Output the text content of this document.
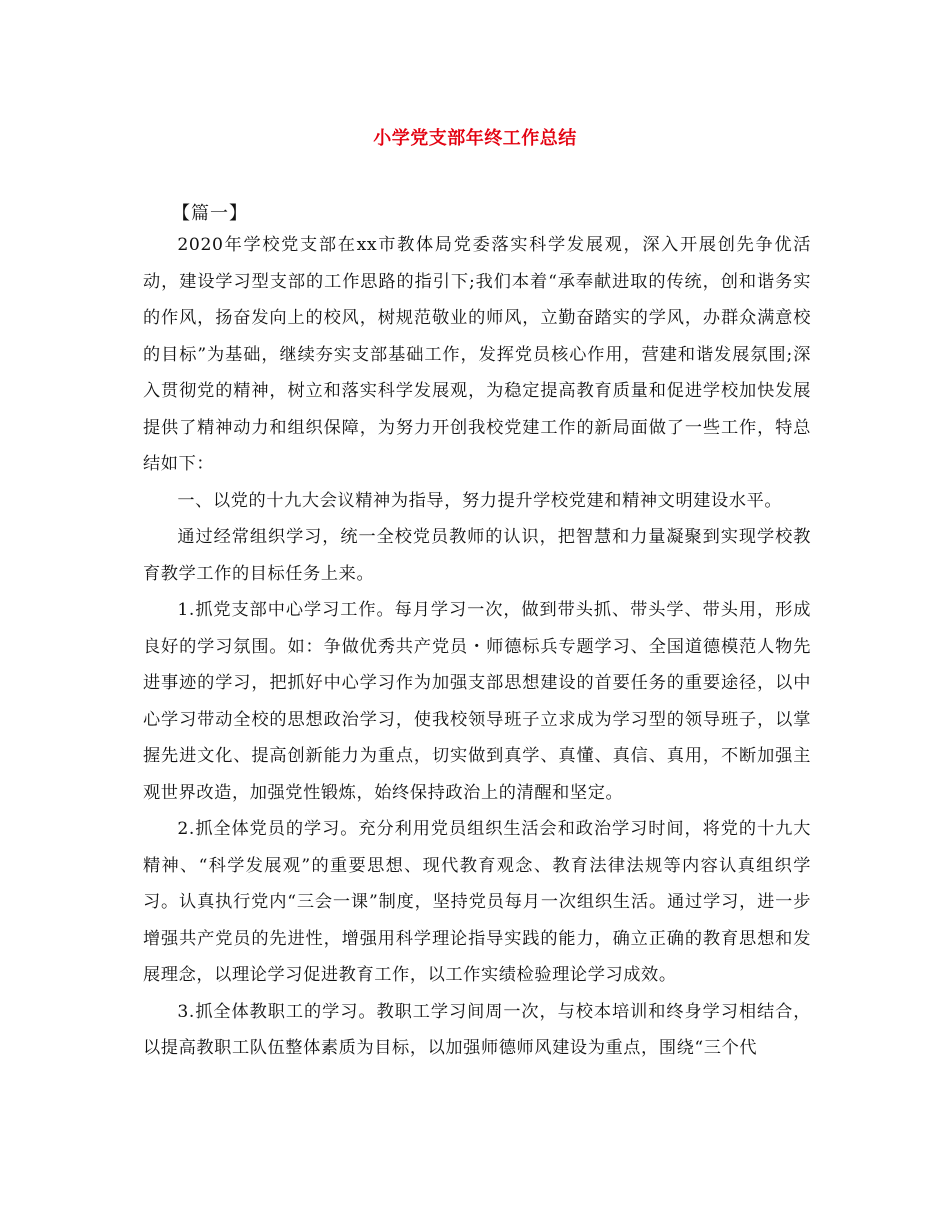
小学党支部年终工作总结
【篇一】

2020年学校党支部在xx市教体局党委落实科学发展观，深入开展创先争优活动，建设学习型支部的工作思路的指引下;我们本着“承奉献进取的传统，创和谐务实的作风，扬奋发向上的校风，树规范敬业的师风，立勤奋踏实的学风，办群众满意校的目标”为基础，继续夯实支部基础工作，发挥党员核心作用，营建和谐发展氛围;深入贯彻党的精神，树立和落实科学发展观，为稳定提高教育质量和促进学校加快发展提供了精神动力和组织保障，为努力开创我校党建工作的新局面做了一些工作，特总结如下：

一、以党的十九大会议精神为指导，努力提升学校党建和精神文明建设水平。

通过经常组织学习，统一全校党员教师的认识，把智慧和力量凝聚到实现学校教育教学工作的目标任务上来。

1.抓党支部中心学习工作。每月学习一次，做到带头抓、带头学、带头用，形成良好的学习氛围。如：争做优秀共产党员・师德标兵专题学习、全国道德模范人物先进事迹的学习，把抓好中心学习作为加强支部思想建设的首要任务的重要途径，以中心学习带动全校的思想政治学习，使我校领导班子立求成为学习型的领导班子，以掌握先进文化、提高创新能力为重点，切实做到真学、真懂、真信、真用，不断加强主观世界改造，加强党性锻炼，始终保持政治上的清醒和坚定。

2.抓全体党员的学习。充分利用党员组织生活会和政治学习时间，将党的十九大精神、“科学发展观”的重要思想、现代教育观念、教育法律法规等内容认真组织学习。认真执行党内“三会一课”制度，坚持党员每月一次组织生活。通过学习，进一步增强共产党员的先进性，增强用科学理论指导实践的能力，确立正确的教育思想和发展理念，以理论学习促进教育工作，以工作实绩检验理论学习成效。

3.抓全体教职工的学习。教职工学习间周一次，与校本培训和终身学习相结合，以提高教职工队伍整体素质为目标，以加强师德师风建设为重点，围绕“三个代
